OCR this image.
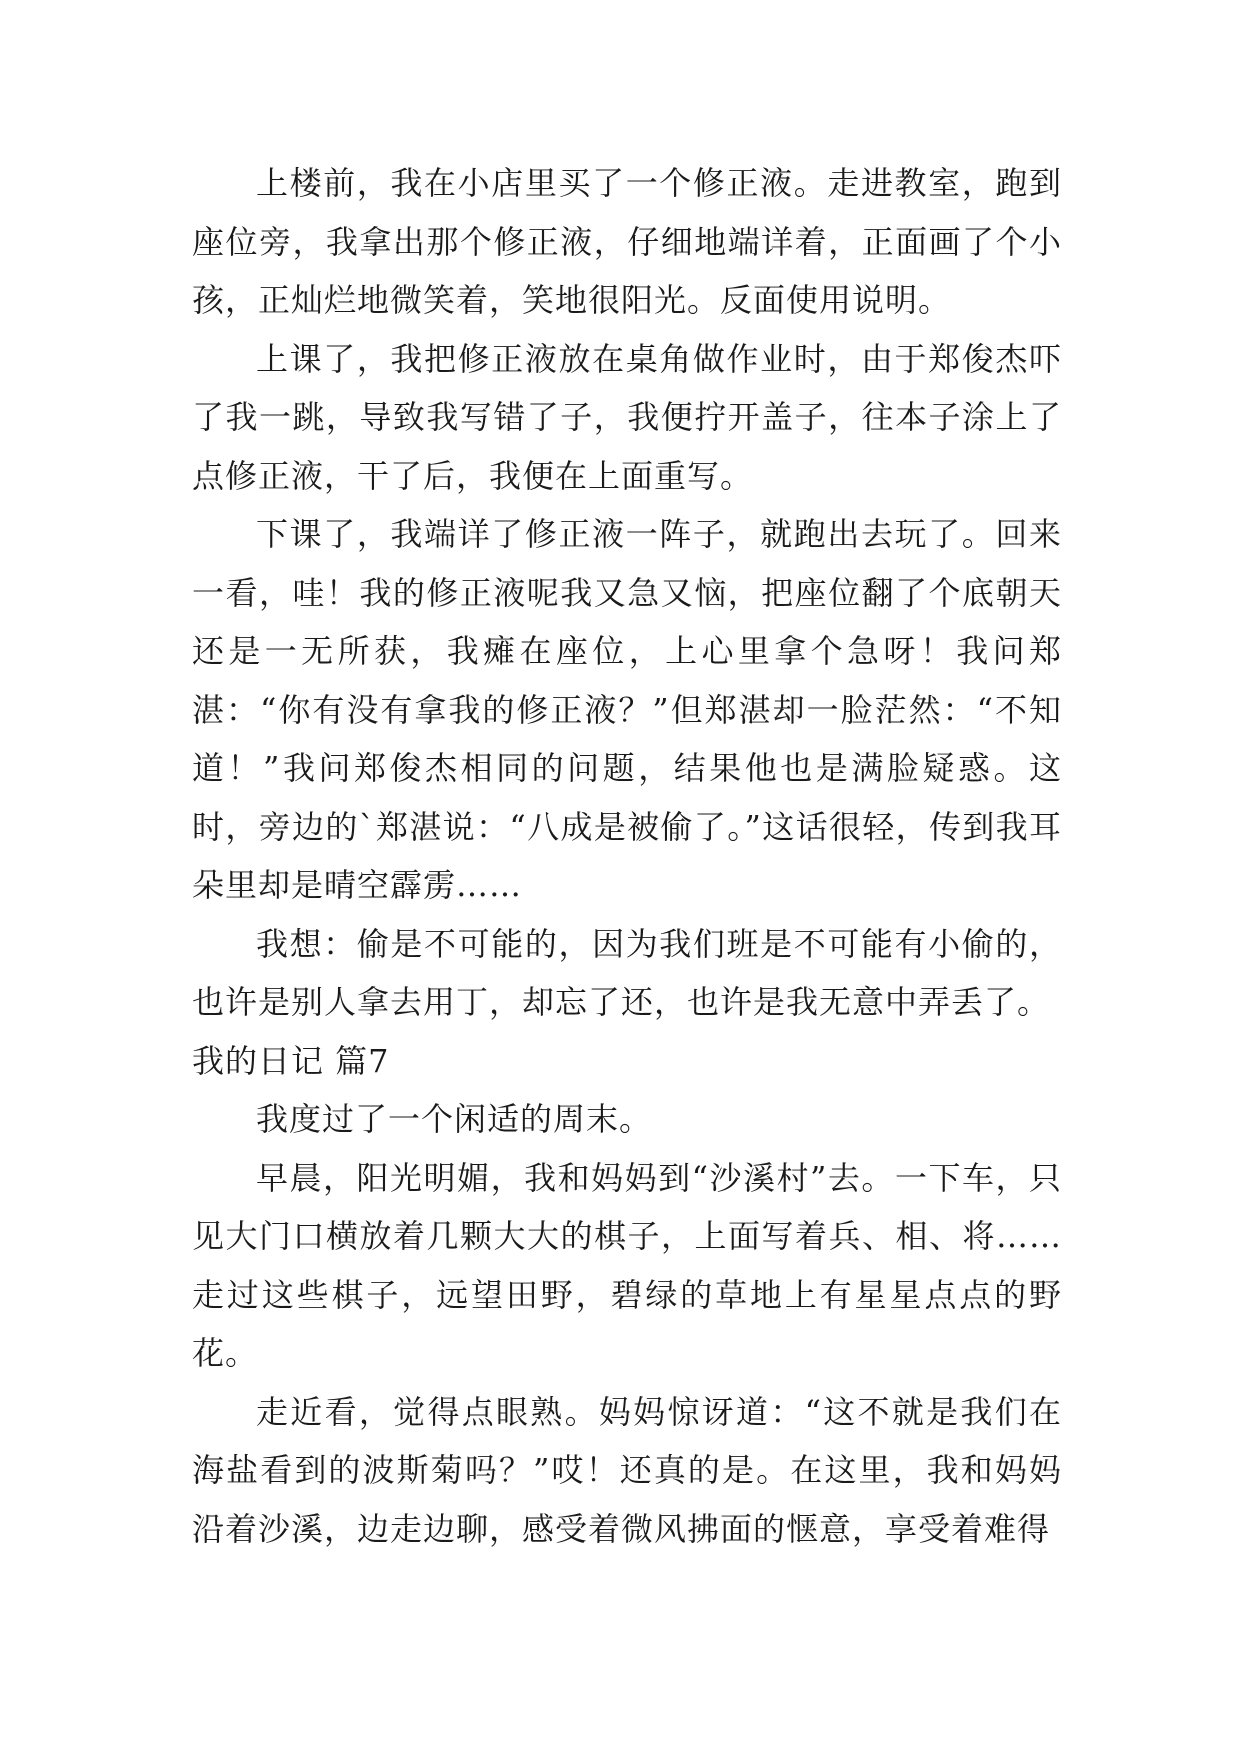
上楼前，我在小店里买了一个修正液。走进教室，跑到座位旁，我拿出那个修正液，仔细地端详着，正面画了个小孩，正灿烂地微笑着，笑地很阳光。反面使用说明。

上课了，我把修正液放在桌角做作业时，由于郑俊杰吓了我一跳，导致我写错了子，我便拧开盖子，往本子涂上了点修正液，干了后，我便在上面重写。

下课了，我端详了修正液一阵子，就跑出去玩了。回来一看，哇！我的修正液呢我又急又恼，把座位翻了个底朝天还是一无所获，我瘫在座位，上心里拿个急呀！我问郑湛：“你有没有拿我的修正液？”但郑湛却一脸茫然：“不知道！”我问郑俊杰相同的问题，结果他也是满脸疑惑。这时，旁边的`郑湛说：“八成是被偷了。”这话很轻，传到我耳朵里却是晴空霹雳……

我想：偷是不可能的，因为我们班是不可能有小偷的，也许是别人拿去用丁，却忘了还，也许是我无意中弄丢了。

我的日记 篇7

我度过了一个闲适的周末。

早晨，阳光明媚，我和妈妈到“沙溪村”去。一下车，只见大门口横放着几颗大大的棋子，上面写着兵、相、将……走过这些棋子，远望田野，碧绿的草地上有星星点点的野花。

走近看，觉得点眼熟。妈妈惊讶道：“这不就是我们在海盐看到的波斯菊吗？”哎！还真的是。在这里，我和妈妈沿着沙溪，边走边聊，感受着微风拂面的惬意，享受着难得
